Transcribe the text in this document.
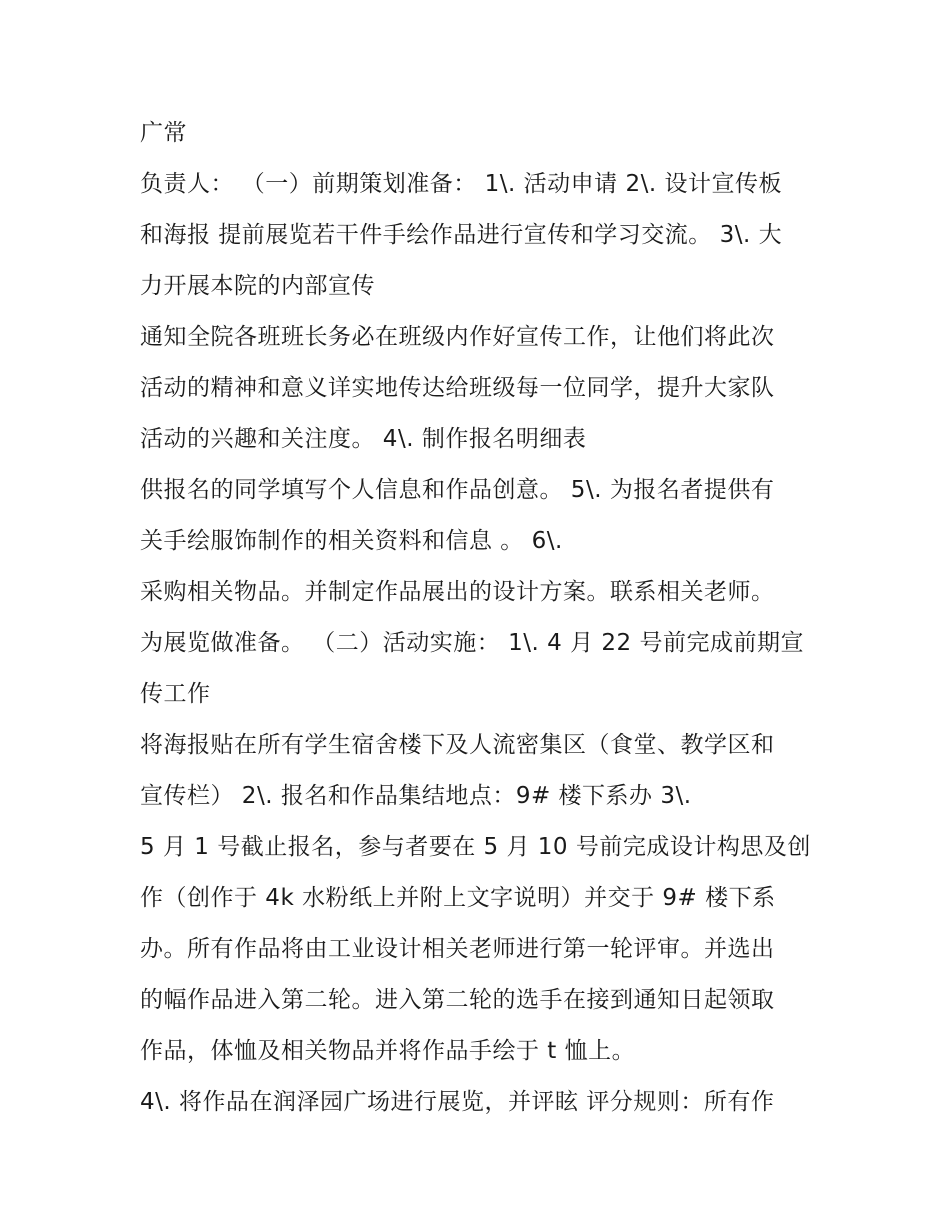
广常
负责人： （一）前期策划准备： 1\. 活动申请 2\. 设计宣传板
和海报 提前展览若干件手绘作品进行宣传和学习交流。 3\. 大
力开展本院的内部宣传
通知全院各班班长务必在班级内作好宣传工作，让他们将此次
活动的精神和意义详实地传达给班级每一位同学，提升大家队
活动的兴趣和关注度。 4\. 制作报名明细表
供报名的同学填写个人信息和作品创意。 5\. 为报名者提供有
关手绘服饰制作的相关资料和信息 。 6\.
采购相关物品。并制定作品展出的设计方案。联系相关老师。
为展览做准备。 （二）活动实施： 1\. 4 月 22 号前完成前期宣
传工作
将海报贴在所有学生宿舍楼下及人流密集区（食堂、教学区和
宣传栏） 2\. 报名和作品集结地点：9# 楼下系办 3\.
5 月 1 号截止报名，参与者要在 5 月 10 号前完成设计构思及创
作（创作于 4k 水粉纸上并附上文字说明）并交于 9# 楼下系
办。所有作品将由工业设计相关老师进行第一轮评审。并选出
的幅作品进入第二轮。进入第二轮的选手在接到通知日起领取
作品，体恤及相关物品并将作品手绘于 t 恤上。
4\. 将作品在润泽园广场进行展览，并评眩 评分规则：所有作
